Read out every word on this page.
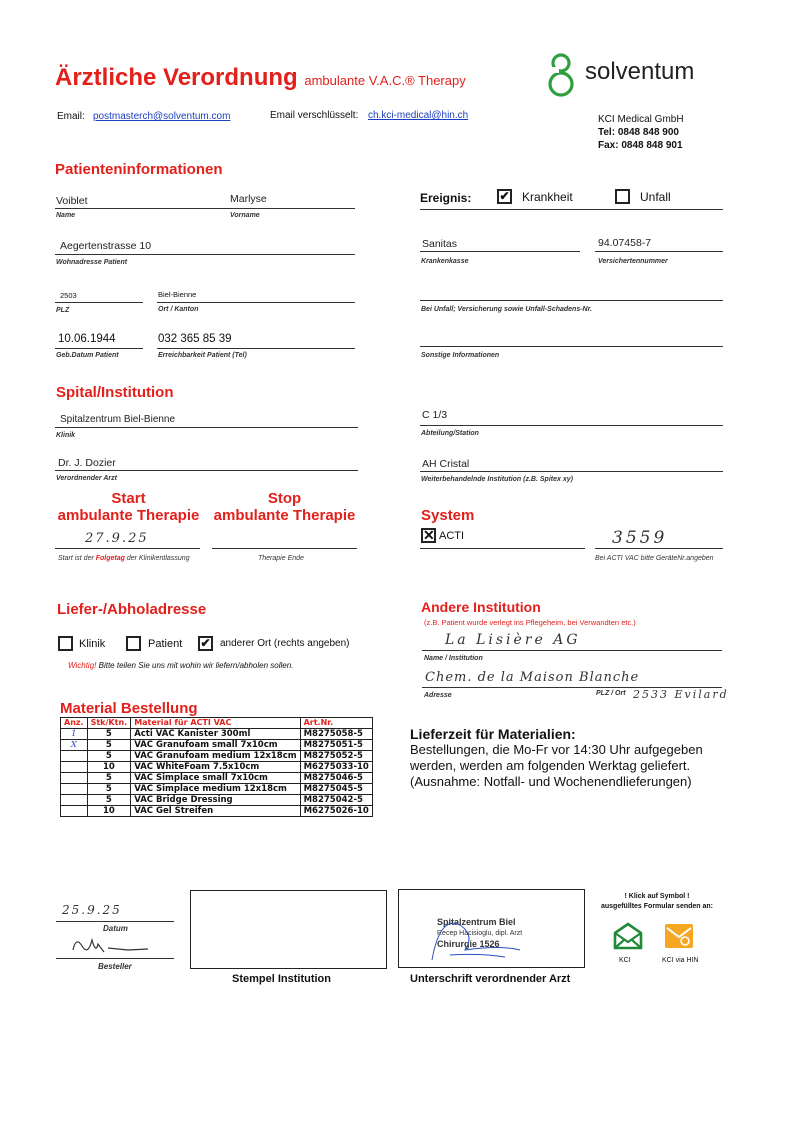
Ärztliche Verordnung ambulante V.A.C.® Therapy	solventum
Email: postmasterch@solventum.com	Email verschlüsselt: ch.kci-medical@hin.ch	KCI Medical GmbH
Tel: 0848 848 900
Fax: 0848 848 901
Patienteninformationen
Voiblet	Marlyse
Name	Vorname
Aegertenstrasse 10
Wohnadresse Patient
2503	Biel-Bienne
PLZ	Ort / Kanton
10.06.1944	032 365 85 39
Geb.Datum Patient	Erreichbarkeit Patient (Tel)
Ereignis: ✔ Krankheit	Unfall
Sanitas	94.07458-7
Krankenkasse	Versichertennummer
Bei Unfall; Versicherung sowie Unfall-Schadens-Nr.
Sonstige Informationen
Spital/Institution
Spitalzentrum Biel-Bienne
Klinik
Dr. J. Dozier
Verordnender Arzt
C 1/3
Abteilung/Station
AH Cristal
Weiterbehandelnde Institution (z.B. Spitex xy)
Start
ambulante Therapie
Stop
ambulante Therapie
27.9.25
Start ist der Folgetag der Klinikentlassung	Therapie Ende
System
✕ ACTI	3559
Bei ACTI VAC bitte GeräteNr.angeben
Liefer-/Abholadresse
Klinik	Patient ✔ anderer Ort (rechts angeben)
Wichtig! Bitte teilen Sie uns mit wohin wir liefern/abholen sollen.
Andere Institution
(z.B. Patient wurde verlegt ins Pflegeheim, bei Verwandten etc.)
La Lisière AG
Name / Institution
Chem. de la Maison Blanche
Adresse	PLZ / Ort 2533 Evilard
Material Bestellung
Anz.	Stk/Ktn.	Material für ACTI VAC	Art.Nr.
1	5	Acti VAC Kanister 300ml	M8275058-5
X	5	VAC Granufoam small 7x10cm	M8275051-5
	5	VAC Granufoam medium 12x18cm	M8275052-5
	10	VAC WhiteFoam 7.5x10cm	M6275033-10
	5	VAC Simplace small 7x10cm	M8275046-5
	5	VAC Simplace medium 12x18cm	M8275045-5
	5	VAC Bridge Dressing	M8275042-5
	10	VAC Gel Streifen	M6275026-10
Lieferzeit für Materialien:
Bestellungen, die Mo-Fr vor 14:30 Uhr aufgegeben werden, werden am folgenden Werktag geliefert. (Ausnahme: Notfall- und Wochenendlieferungen)
25.9.25
Datum
Besteller
Stempel Institution
Spitalzentrum Biel
Recep Hacisioglu, dipl. Arzt
Chirurgie 1526
Unterschrift verordnender Arzt
! Klick auf Symbol !
ausgefülltes Formular senden an:
KCI	KCI via HIN
